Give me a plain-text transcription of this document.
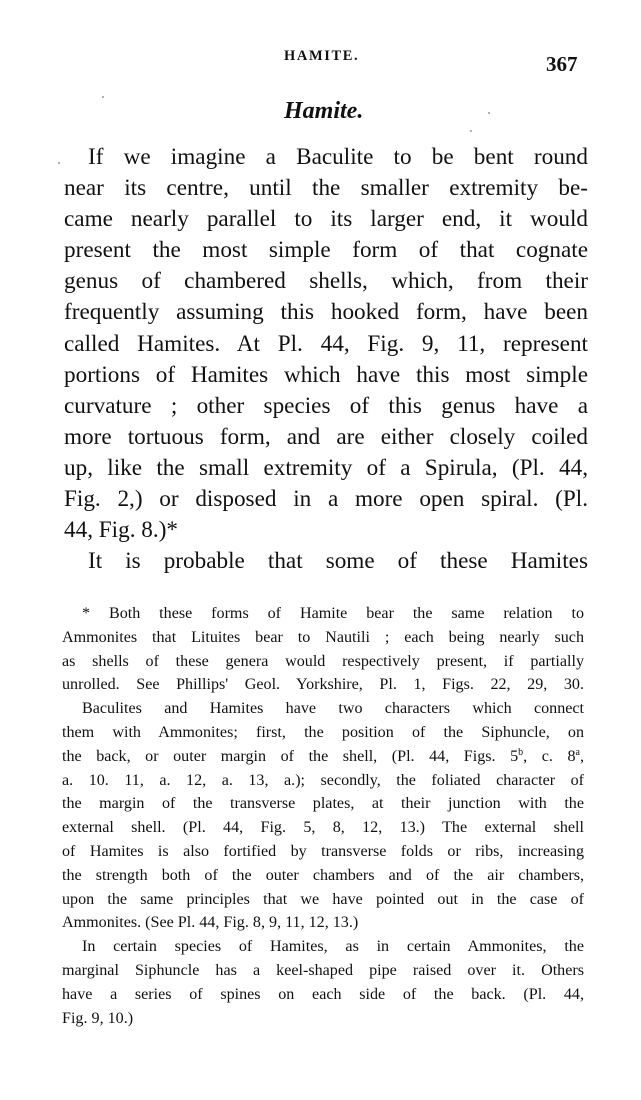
HAMITE.	367
Hamite.
If we imagine a Baculite to be bent round
near its centre, until the smaller extremity be-
came nearly parallel to its larger end, it would
present the most simple form of that cognate
genus of chambered shells, which, from their
frequently assuming this hooked form, have been
called Hamites. At Pl. 44, Fig. 9, 11, represent
portions of Hamites which have this most simple
curvature ; other species of this genus have a
more tortuous form, and are either closely coiled
up, like the small extremity of a Spirula, (Pl. 44,
Fig. 2,) or disposed in a more open spiral. (Pl.
44, Fig. 8.)*
It is probable that some of these Hamites
* Both these forms of Hamite bear the same relation to
Ammonites that Lituites bear to Nautili ; each being nearly such
as shells of these genera would respectively present, if partially
unrolled. See Phillips' Geol. Yorkshire, Pl. 1, Figs. 22, 29, 30.
Baculites and Hamites have two characters which connect
them with Ammonites; first, the position of the Siphuncle, on
the back, or outer margin of the shell, (Pl. 44, Figs. 5$^b$, c. 8$^a$,
a. 10. 11, a. 12, a. 13, a.); secondly, the foliated character of
the margin of the transverse plates, at their junction with the
external shell. (Pl. 44, Fig. 5, 8, 12, 13.) The external shell
of Hamites is also fortified by transverse folds or ribs, increasing
the strength both of the outer chambers and of the air chambers,
upon the same principles that we have pointed out in the case of
Ammonites. (See Pl. 44, Fig. 8, 9, 11, 12, 13.)
In certain species of Hamites, as in certain Ammonites, the
marginal Siphuncle has a keel-shaped pipe raised over it. Others
have a series of spines on each side of the back. (Pl. 44,
Fig. 9, 10.)
